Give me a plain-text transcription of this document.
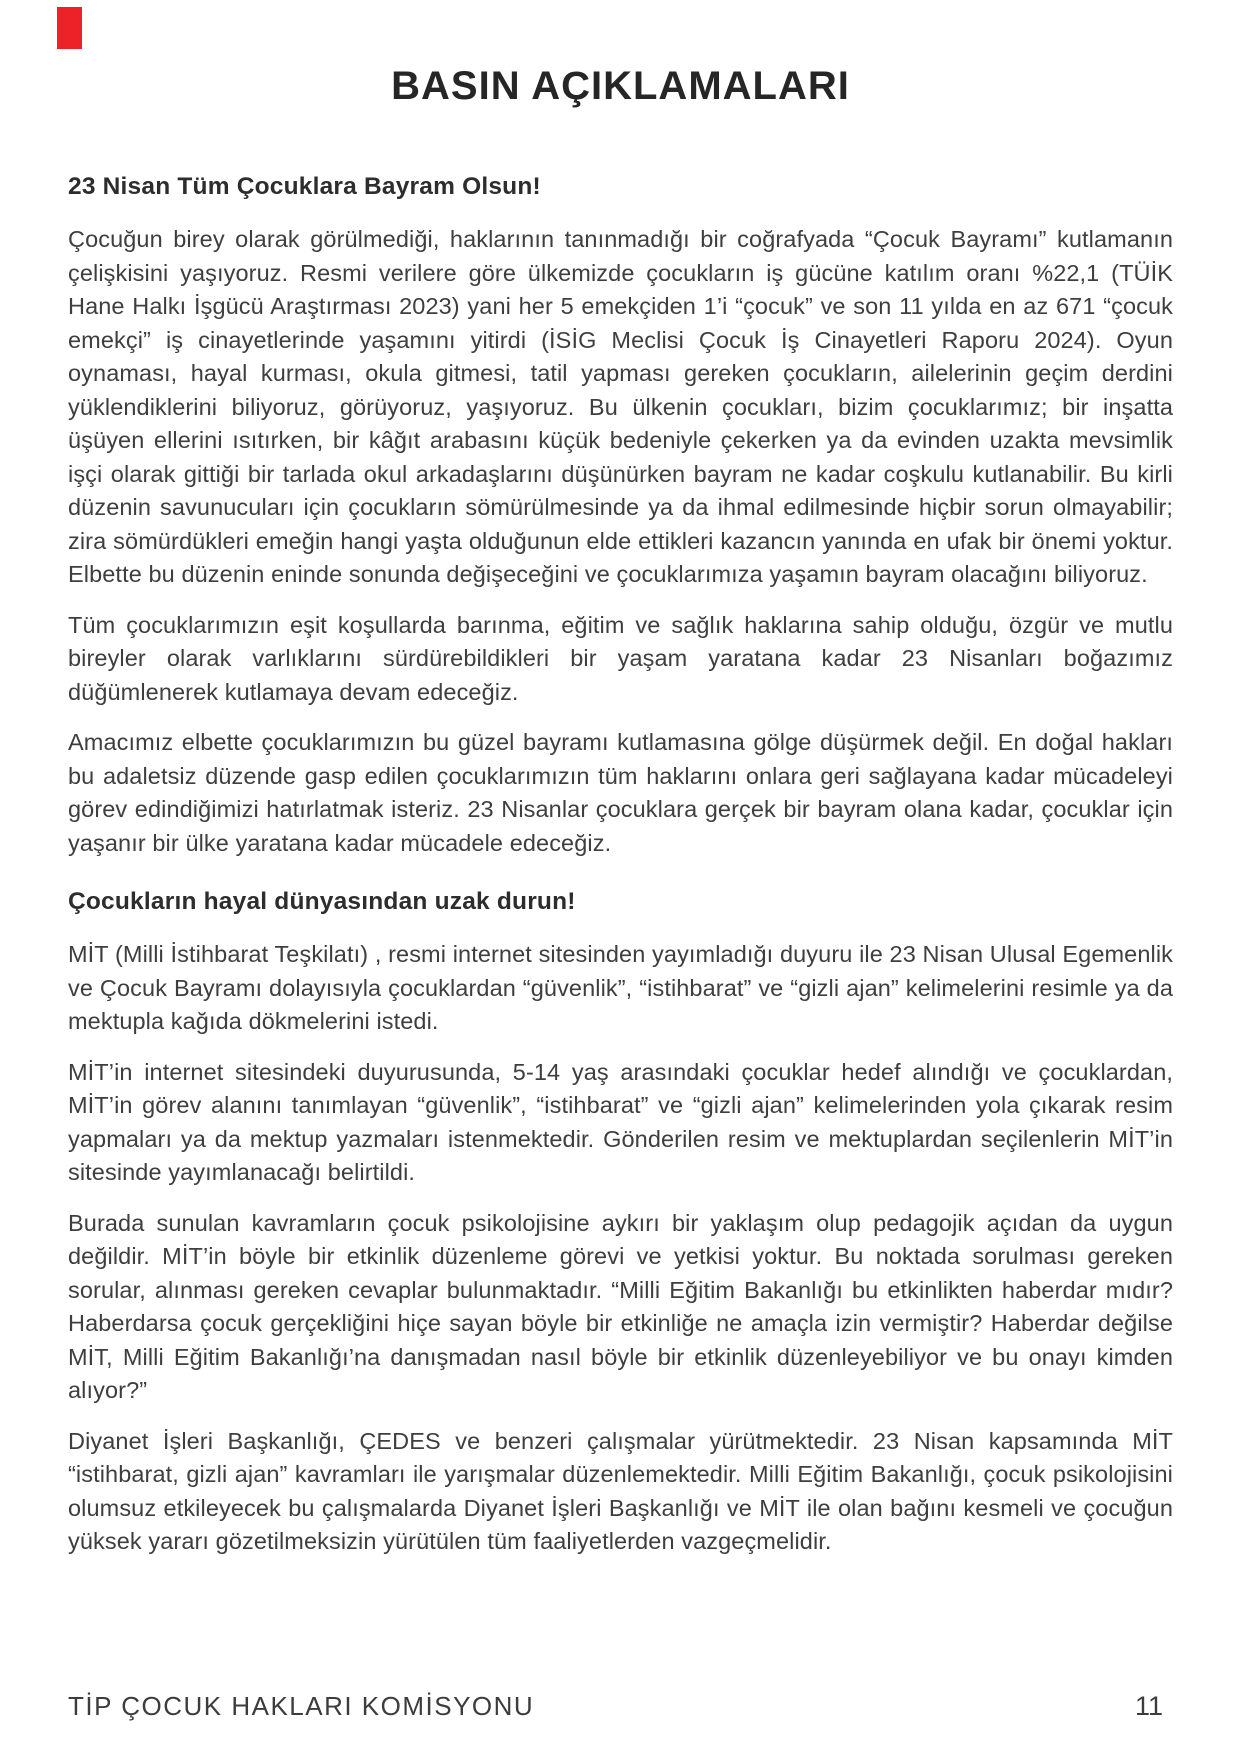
BASIN AÇIKLAMALARI
23 Nisan Tüm Çocuklara Bayram Olsun!

Çocuğun birey olarak görülmediği, haklarının tanınmadığı bir coğrafyada “Çocuk Bayramı” kutlamanın çelişkisini yaşıyoruz. Resmi verilere göre ülkemizde çocukların iş gücüne katılım oranı %22,1 (TÜİK Hane Halkı İşgücü Araştırması 2023) yani her 5 emekçiden 1’i “çocuk” ve son 11 yılda en az 671 “çocuk emekçi” iş cinayetlerinde yaşamını yitirdi (İSİG Meclisi Çocuk İş Cinayetleri Raporu 2024). Oyun oynaması, hayal kurması, okula gitmesi, tatil yapması gereken çocukların, ailelerinin geçim derdini yüklendiklerini biliyoruz, görüyoruz, yaşıyoruz. Bu ülkenin çocukları, bizim çocuklarımız; bir inşatta üşüyen ellerini ısıtırken, bir kâğıt arabasını küçük bedeniyle çekerken ya da evinden uzakta mevsimlik işçi olarak gittiği bir tarlada okul arkadaşlarını düşünürken bayram ne kadar coşkulu kutlanabilir. Bu kirli düzenin savunucuları için çocukların sömürülmesinde ya da ihmal edilmesinde hiçbir sorun olmayabilir; zira sömürdükleri emeğin hangi yaşta olduğunun elde ettikleri kazancın yanında en ufak bir önemi yoktur. Elbette bu düzenin eninde sonunda değişeceğini ve çocuklarımıza yaşamın bayram olacağını biliyoruz.

Tüm çocuklarımızın eşit koşullarda barınma, eğitim ve sağlık haklarına sahip olduğu, özgür ve mutlu bireyler olarak varlıklarını sürdürebildikleri bir yaşam yaratana kadar 23 Nisanları boğazımız düğümlenerek kutlamaya devam edeceğiz.

Amacımız elbette çocuklarımızın bu güzel bayramı kutlamasına gölge düşürmek değil. En doğal hakları bu adaletsiz düzende gasp edilen çocuklarımızın tüm haklarını onlara geri sağlayana kadar mücadeleyi görev edindiğimizi hatırlatmak isteriz. 23 Nisanlar çocuklara gerçek bir bayram olana kadar, çocuklar için yaşanır bir ülke yaratana kadar mücadele edeceğiz.

Çocukların hayal dünyasından uzak durun!

MİT (Milli İstihbarat Teşkilatı) , resmi internet sitesinden yayımladığı duyuru ile 23 Nisan Ulusal Egemenlik ve Çocuk Bayramı dolayısıyla çocuklardan “güvenlik”, “istihbarat” ve “gizli ajan” kelimelerini resimle ya da mektupla kağıda dökmelerini istedi.

MİT’in internet sitesindeki duyurusunda, 5-14 yaş arasındaki çocuklar hedef alındığı ve çocuklardan, MİT’in görev alanını tanımlayan “güvenlik”, “istihbarat” ve “gizli ajan” kelimelerinden yola çıkarak resim yapmaları ya da mektup yazmaları istenmektedir. Gönderilen resim ve mektuplardan seçilenlerin MİT’in sitesinde yayımlanacağı belirtildi.

Burada sunulan kavramların çocuk psikolojisine aykırı bir yaklaşım olup pedagojik açıdan da uygun değildir. MİT’in böyle bir etkinlik düzenleme görevi ve yetkisi yoktur. Bu noktada sorulması gereken sorular, alınması gereken cevaplar bulunmaktadır. “Milli Eğitim Bakanlığı bu etkinlikten haberdar mıdır? Haberdarsa çocuk gerçekliğini hiçe sayan böyle bir etkinliğe ne amaçla izin vermiştir? Haberdar değilse MİT, Milli Eğitim Bakanlığı’na danışmadan nasıl böyle bir etkinlik düzenleyebiliyor ve bu onayı kimden alıyor?”

Diyanet İşleri Başkanlığı, ÇEDES ve benzeri çalışmalar yürütmektedir. 23 Nisan kapsamında MİT “istihbarat, gizli ajan” kavramları ile yarışmalar düzenlemektedir. Milli Eğitim Bakanlığı, çocuk psikolojisini olumsuz etkileyecek bu çalışmalarda Diyanet İşleri Başkanlığı ve MİT ile olan bağını kesmeli ve çocuğun yüksek yararı gözetilmeksizin yürütülen tüm faaliyetlerden vazgeçmelidir.

TİP ÇOCUK HAKLARI KOMİSYONU	11
